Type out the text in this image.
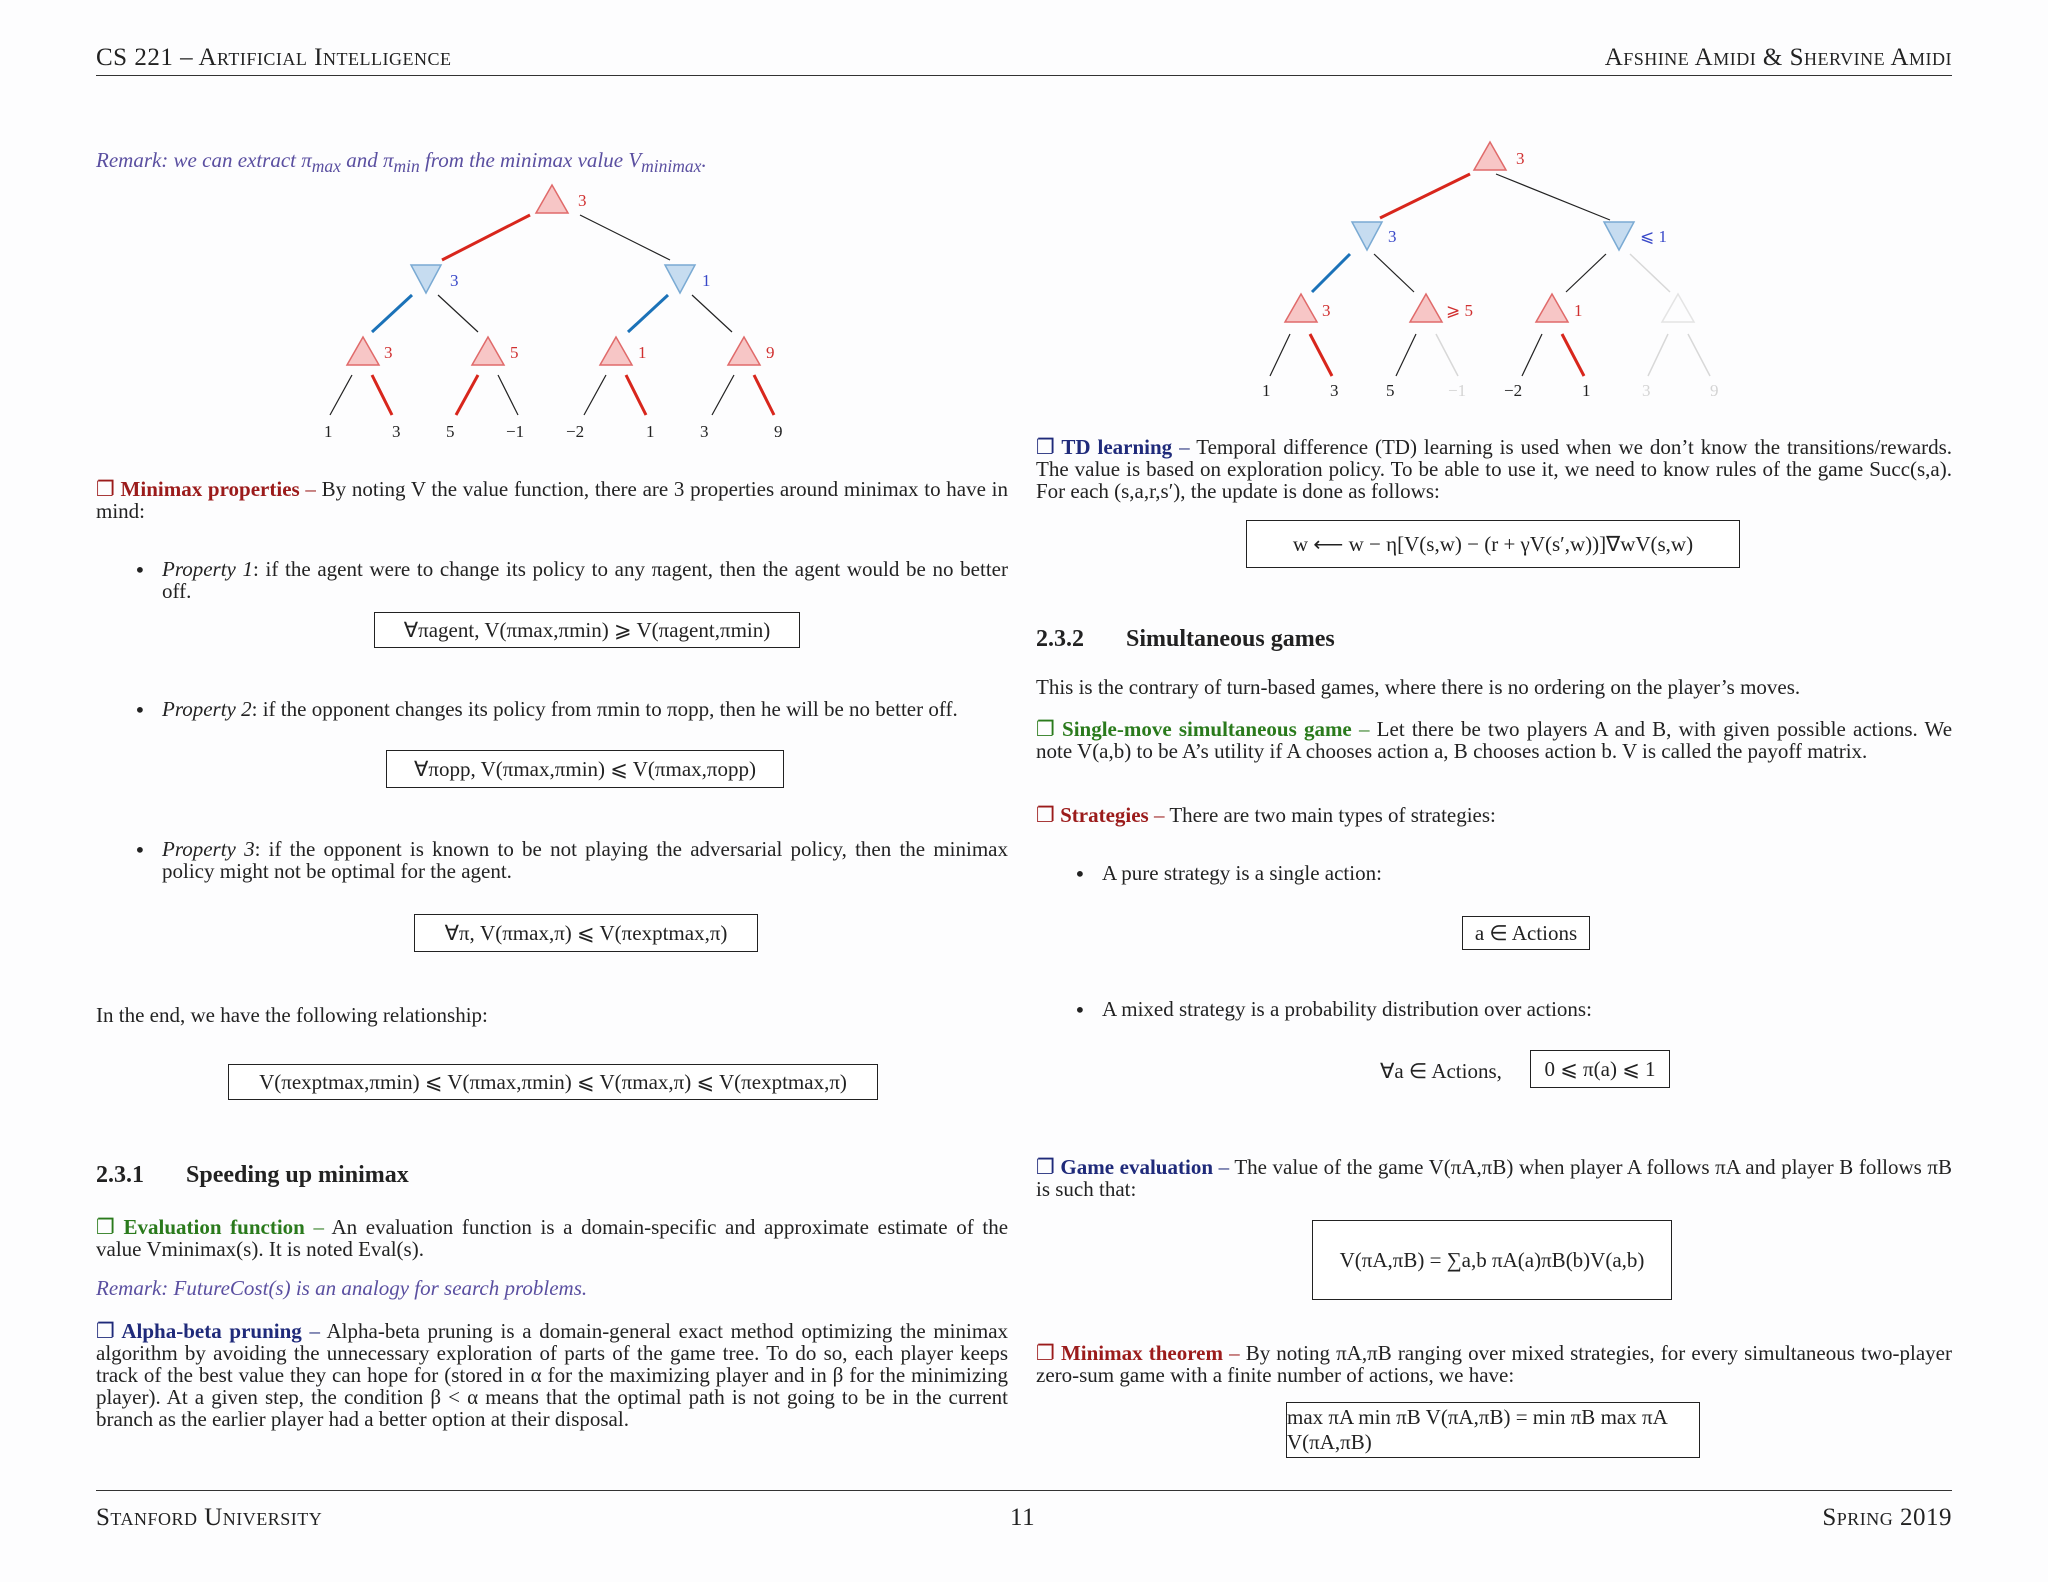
CS 221 – Artificial Intelligence	Afshine Amidi & Shervine Amidi
Remark: we can extract $\pi_{max}$ and $\pi_{min}$ from the minimax value $V_{minimax}$.
3
3	1
3	5	1	9
1	3	5	−1 −2	1	3	9
❐ Minimax properties – By noting V the value function, there are 3 properties around minimax to have in mind:
• Property 1: if the agent were to change its policy to any πagent, then the agent would be no better off.
∀πagent, V(πmax,πmin) ⩾ V(πagent,πmin)
• Property 2: if the opponent changes its policy from πmin to πopp, then he will be no better off.
∀πopp, V(πmax,πmin) ⩽ V(πmax,πopp)
• Property 3: if the opponent is known to be not playing the adversarial policy, then the minimax policy might not be optimal for the agent.
∀π, V(πmax,π) ⩽ V(πexptmax,π)
In the end, we have the following relationship:
V(πexptmax,πmin) ⩽ V(πmax,πmin) ⩽ V(πmax,π) ⩽ V(πexptmax,π)
2.3.1 Speeding up minimax
❐ Evaluation function – An evaluation function is a domain-specific and approximate estimate of the value Vminimax(s). It is noted Eval(s).
Remark: FutureCost(s) is an analogy for search problems.
❐ Alpha-beta pruning – Alpha-beta pruning is a domain-general exact method optimizing the minimax algorithm by avoiding the unnecessary exploration of parts of the game tree. To do so, each player keeps track of the best value they can hope for (stored in α for the maximizing player and in β for the minimizing player). At a given step, the condition β < α means that the optimal path is not going to be in the current branch as the earlier player had a better option at their disposal.
3
3	⩽ 1
3	⩾ 5	1
1	3	5	−1 −2	1	3	9
❐ TD learning – Temporal difference (TD) learning is used when we don’t know the transitions/rewards. The value is based on exploration policy. To be able to use it, we need to know rules of the game Succ(s,a). For each (s,a,r,s′), the update is done as follows:
w ⟵ w − η[V(s,w) − (r + γV(s′,w))]∇wV(s,w)
2.3.2 Simultaneous games
This is the contrary of turn-based games, where there is no ordering on the player’s moves.
❐ Single-move simultaneous game – Let there be two players A and B, with given possible actions. We note V(a,b) to be A’s utility if A chooses action a, B chooses action b. V is called the payoff matrix.
❐ Strategies – There are two main types of strategies:
• A pure strategy is a single action:
a ∈ Actions
• A mixed strategy is a probability distribution over actions:
∀a ∈ Actions,	0 ⩽ π(a) ⩽ 1
❐ Game evaluation – The value of the game V(πA,πB) when player A follows πA and player B follows πB is such that:
V(πA,πB) = ∑a,b πA(a)πB(b)V(a,b)
❐ Minimax theorem – By noting πA,πB ranging over mixed strategies, for every simultaneous two-player zero-sum game with a finite number of actions, we have:
max πA min πB V(πA,πB) = min πB max πA V(πA,πB)
Stanford University	11	Spring 2019
